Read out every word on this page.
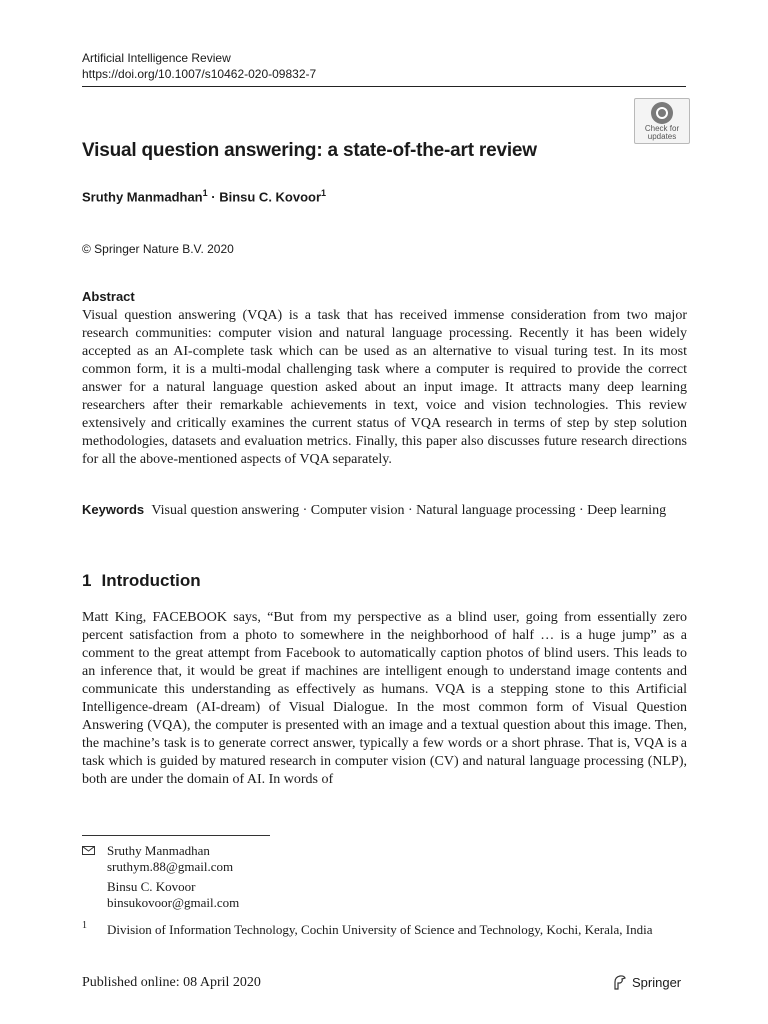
Artificial Intelligence Review
https://doi.org/10.1007/s10462-020-09832-7
Check for
updates
Visual question answering: a state-of-the-art review
Sruthy Manmadhan$^1$ · Binsu C. Kovoor$^1$
© Springer Nature B.V. 2020
Abstract
Visual question answering (VQA) is a task that has received immense consideration from two major research communities: computer vision and natural language processing. Recently it has been widely accepted as an AI-complete task which can be used as an alternative to visual turing test. In its most common form, it is a multi-modal challenging task where a computer is required to provide the correct answer for a natural language question asked about an input image. It attracts many deep learning researchers after their remarkable achievements in text, voice and vision technologies. This review extensively and critically examines the current status of VQA research in terms of step by step solution methodologies, datasets and evaluation metrics. Finally, this paper also discusses future research directions for all the above-mentioned aspects of VQA separately.
Keywords Visual question answering · Computer vision · Natural language processing · Deep learning
1 Introduction
Matt King, FACEBOOK says, “But from my perspective as a blind user, going from essentially zero percent satisfaction from a photo to somewhere in the neighborhood of half … is a huge jump” as a comment to the great attempt from Facebook to automatically caption photos of blind users. This leads to an inference that, it would be great if machines are intelligent enough to understand image contents and communicate this understanding as effectively as humans. VQA is a stepping stone to this Artificial Intelligence-dream (AI-dream) of Visual Dialogue. In the most common form of Visual Question Answering (VQA), the computer is presented with an image and a textual question about this image. Then, the machine’s task is to generate correct answer, typically a few words or a short phrase. That is, VQA is a task which is guided by matured research in computer vision (CV) and natural language processing (NLP), both are under the domain of AI. In words of
Sruthy Manmadhan
sruthym.88@gmail.com
Binsu C. Kovoor
binsukovoor@gmail.com
1 Division of Information Technology, Cochin University of Science and Technology, Kochi, Kerala, India
Published online: 08 April 2020	Springer
